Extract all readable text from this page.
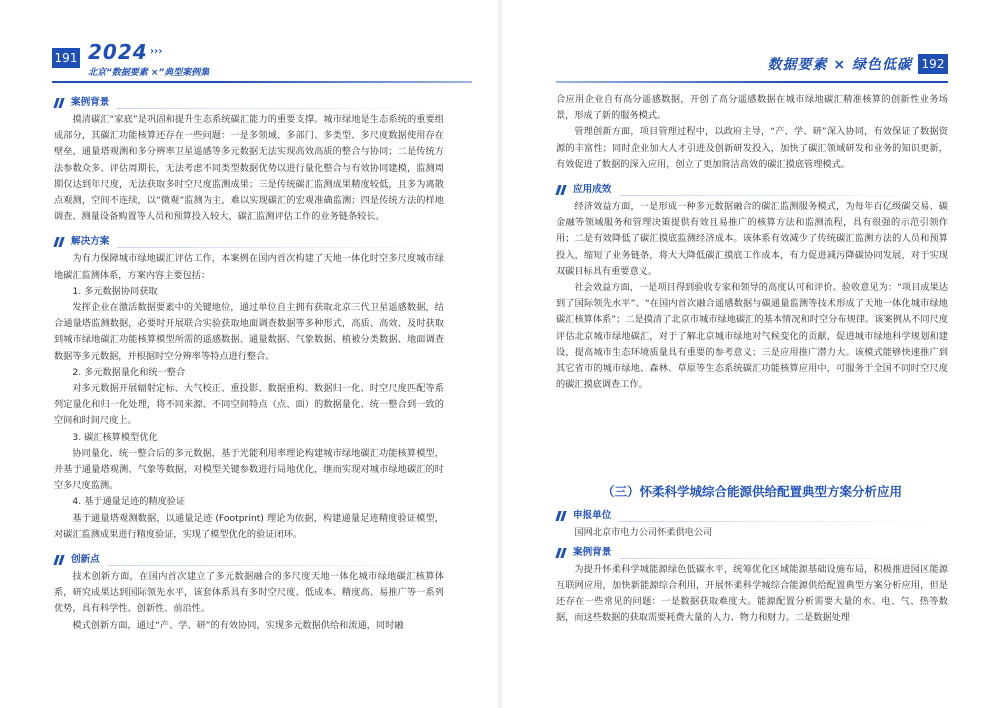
191 2024 ›››
北京“数据要素 ×”典型案例集
案例背景

摸清碳汇“家底”是巩固和提升生态系统碳汇能力的重要支撑。城市绿地是生态系统的重要组成部分，其碳汇功能核算还存在一些问题：一是多领域、多部门、多类型、多尺度数据使用存在壁垒，通量塔观测和多分辨率卫星遥感等多元数据无法实现高效高质的整合与协同；二是传统方法参数众多、评估周期长，无法考虑不同类型数据优势以进行量化整合与有效协同建模，监测周期仅达到年尺度，无法获取多时空尺度监测成果；三是传统碳汇监测成果精度较低，且多为离散点观测，空间不连续，以“微观”监测为主，难以实现碳汇的宏观准确监测；四是传统方法的样地调查、测量设备购置等人员和预算投入较大，碳汇监测评估工作的业务链条较长。

解决方案

为有力保障城市绿地碳汇评估工作，本案例在国内首次构建了天地一体化时空多尺度城市绿地碳汇监测体系，方案内容主要包括：

1. 多元数据协同获取

发挥企业在激活数据要素中的关键地位，通过单位自主拥有获取北京三代卫星遥感数据，结合通量塔监测数据，必要时开展联合实验获取地面调查数据等多种形式，高质、高效、及时获取到城市绿地碳汇功能核算模型所需的遥感数据、通量数据、气象数据、植被分类数据、地面调查数据等多元数据，并根据时空分辨率等特点进行整合。

2. 多元数据量化和统一整合

对多元数据开展辐射定标、大气校正、重投影、数据重构、数据归一化、时空尺度匹配等系列定量化和归一化处理，将不同来源、不同空间特点（点、面）的数据量化、统一整合到一致的空间和时间尺度上。

3. 碳汇核算模型优化

协同量化、统一整合后的多元数据，基于光能利用率理论构建城市绿地碳汇功能核算模型，并基于通量塔观测、气象等数据，对模型关键参数进行局地优化，继而实现对城市绿地碳汇的时空多尺度监测。

4. 基于通量足迹的精度验证

基于通量塔观测数据，以通量足迹 (Footprint) 理论为依据，构建通量足迹精度验证模型，对碳汇监测成果进行精度验证，实现了模型优化的验证闭环。

创新点

技术创新方面，在国内首次建立了多元数据融合的多尺度天地一体化城市绿地碳汇核算体系，研究成果达到国际领先水平，该套体系具有多时空尺度、低成本、精度高、易推广等一系列优势，具有科学性、创新性、前沿性。

模式创新方面，通过“产、学、研”的有效协同，实现多元数据供给和流通，同时融

数据要素 × 绿色低碳 192

合应用企业自有高分遥感数据，开创了高分遥感数据在城市绿地碳汇精准核算的创新性业务场景，形成了新的服务模式。

管理创新方面，项目管理过程中，以政府主导，“产、学、研”深入协同，有效保证了数据资源的丰富性；同时企业加大人才引进及创新研发投入，加快了碳汇领域研发和业务的知识更新，有效促进了数据的深入应用，创立了更加简洁高效的碳汇摸底管理模式。

应用成效

经济效益方面，一是形成一种多元数据融合的碳汇监测服务模式，为每年百亿级碳交易、碳金融等领域服务和管理决策提供有效且易推广的核算方法和监测流程，具有很强的示范引领作用；二是有效降低了碳汇摸底监测经济成本。该体系有效减少了传统碳汇监测方法的人员和预算投入，缩短了业务链条，将大大降低碳汇摸底工作成本，有力促进减污降碳协同发展，对于实现双碳目标具有重要意义。

社会效益方面，一是项目得到验收专家和领导的高度认可和评价。验收意见为：“项目成果达到了国际领先水平”、“在国内首次融合遥感数据与碳通量监测等技术形成了天地一体化城市绿地碳汇核算体系”；二是摸清了北京市城市绿地碳汇的基本情况和时空分布规律。该案例从不同尺度评估北京城市绿地碳汇，对于了解北京城市绿地对气候变化的贡献，促进城市绿地科学规划和建设，提高城市生态环境质量具有重要的参考意义；三是应用推广潜力大。该模式能够快速推广到其它省市的城市绿地、森林、草原等生态系统碳汇功能核算应用中，可服务于全国不同时空尺度的碳汇摸底调查工作。

（三）怀柔科学城综合能源供给配置典型方案分析应用
申报单位

国网北京市电力公司怀柔供电公司

案例背景

为提升怀柔科学城能源绿色低碳水平，统筹优化区域能源基础设施布局，积极推进园区能源互联网应用，加快新能源综合利用，开展怀柔科学城综合能源供给配置典型方案分析应用，但是还存在一些常见的问题：一是数据获取难度大。能源配置分析需要大量的水、电、气、热等数据，而这些数据的获取需要耗费大量的人力、物力和财力。二是数据处理
